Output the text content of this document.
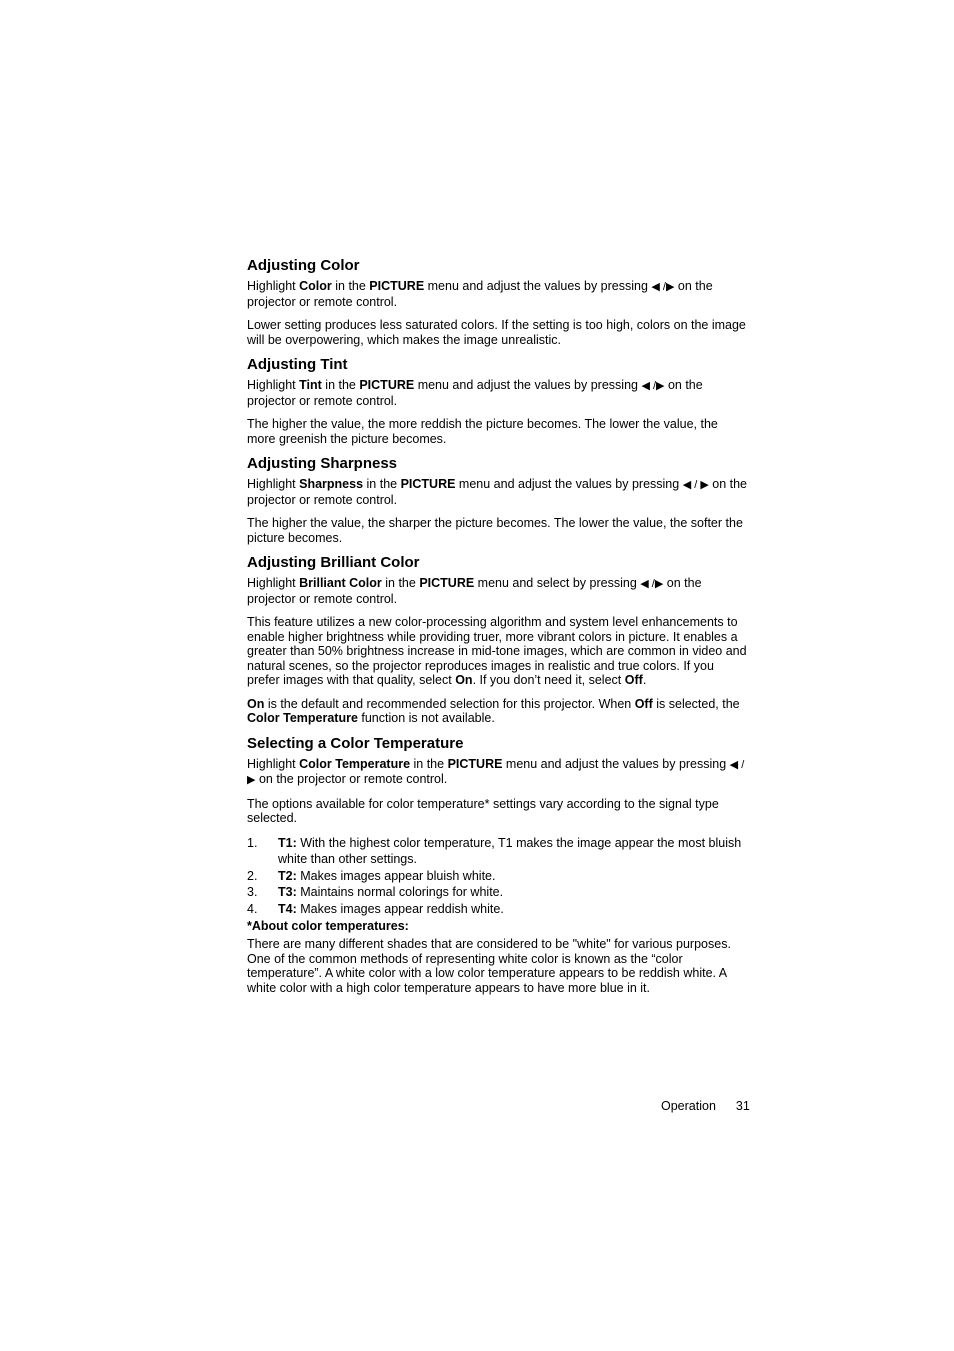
Adjusting Color

Highlight Color in the PICTURE menu and adjust the values by pressing ◀ /▶ on the projector or remote control.

Lower setting produces less saturated colors. If the setting is too high, colors on the image will be overpowering, which makes the image unrealistic.

Adjusting Tint

Highlight Tint in the PICTURE menu and adjust the values by pressing ◀ /▶ on the projector or remote control.

The higher the value, the more reddish the picture becomes. The lower the value, the more greenish the picture becomes.

Adjusting Sharpness

Highlight Sharpness in the PICTURE menu and adjust the values by pressing ◀ / ▶ on the projector or remote control.

The higher the value, the sharper the picture becomes. The lower the value, the softer the picture becomes.

Adjusting Brilliant Color

Highlight Brilliant Color in the PICTURE menu and select by pressing ◀ /▶ on the projector or remote control.

This feature utilizes a new color-processing algorithm and system level enhancements to enable higher brightness while providing truer, more vibrant colors in picture. It enables a greater than 50% brightness increase in mid-tone images, which are common in video and natural scenes, so the projector reproduces images in realistic and true colors. If you prefer images with that quality, select On. If you don’t need it, select Off.

On is the default and recommended selection for this projector. When Off is selected, the Color Temperature function is not available.

Selecting a Color Temperature

Highlight Color Temperature in the PICTURE menu and adjust the values by pressing ◀ /▶ on the projector or remote control.

The options available for color temperature* settings vary according to the signal type selected.

1. T1: With the highest color temperature, T1 makes the image appear the most bluish white than other settings.
2. T2: Makes images appear bluish white.
3. T3: Maintains normal colorings for white.
4. T4: Makes images appear reddish white.
*About color temperatures:

There are many different shades that are considered to be "white" for various purposes. One of the common methods of representing white color is known as the “color temperature”. A white color with a low color temperature appears to be reddish white. A white color with a high color temperature appears to have more blue in it.

Operation 31
